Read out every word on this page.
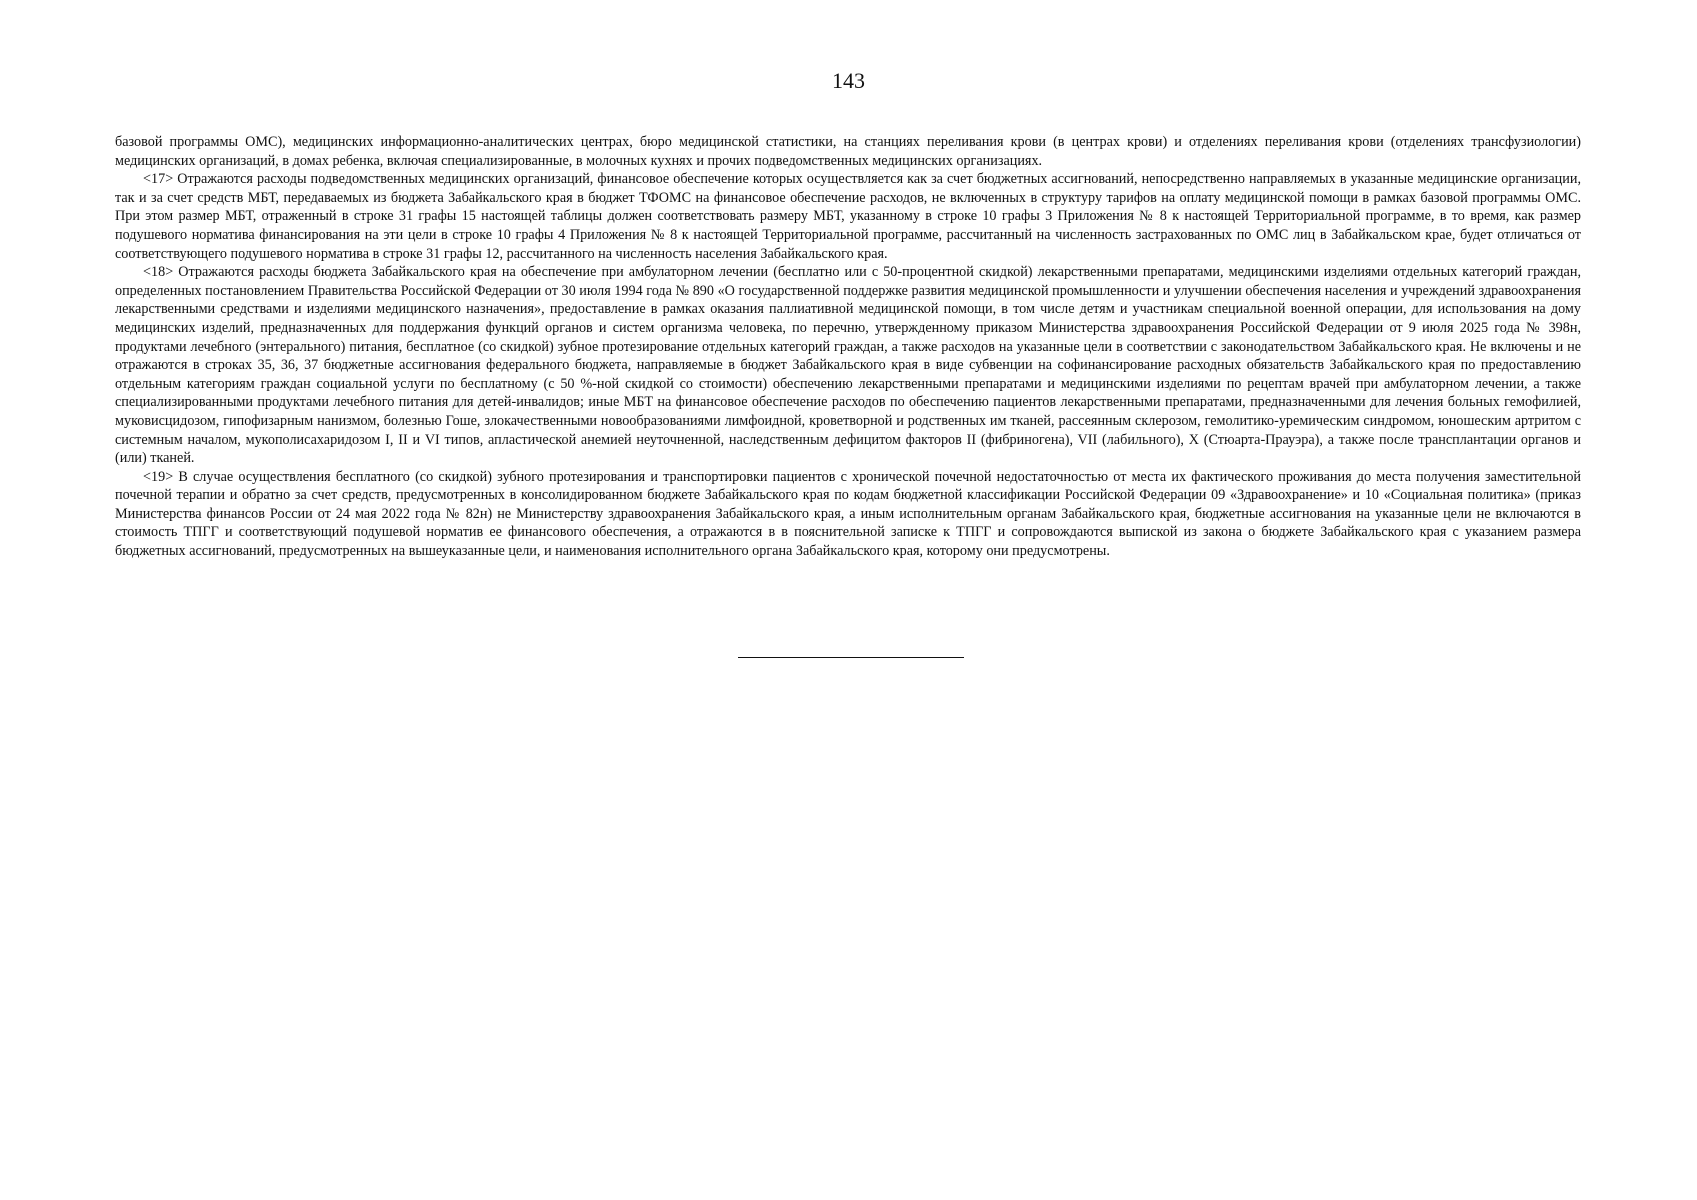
143

базовой программы ОМС), медицинских информационно-аналитических центрах, бюро медицинской статистики, на станциях переливания крови (в центрах крови) и отделениях переливания крови (отделениях трансфузиологии) медицинских организаций, в домах ребенка, включая специализированные, в молочных кухнях и прочих подведомственных медицинских организациях.

<17> Отражаются расходы подведомственных медицинских организаций, финансовое обеспечение которых осуществляется как за счет бюджетных ассигнований, непосредственно направляемых в указанные медицинские организации, так и за счет средств МБТ, передаваемых из бюджета Забайкальского края в бюджет ТФОМС на финансовое обеспечение расходов, не включенных в структуру тарифов на оплату медицинской помощи в рамках базовой программы ОМС. При этом размер МБТ, отраженный в строке 31 графы 15 настоящей таблицы должен соответствовать размеру МБТ, указанному в строке 10 графы 3 Приложения № 8 к настоящей Территориальной программе, в то время, как размер подушевого норматива финансирования на эти цели в строке 10 графы 4 Приложения № 8 к настоящей Территориальной программе, рассчитанный на численность застрахованных по ОМС лиц в Забайкальском крае, будет отличаться от соответствующего подушевого норматива в строке 31 графы 12, рассчитанного на численность населения Забайкальского края.

<18> Отражаются расходы бюджета Забайкальского края на обеспечение при амбулаторном лечении (бесплатно или с 50-процентной скидкой) лекарственными препаратами, медицинскими изделиями отдельных категорий граждан, определенных постановлением Правительства Российской Федерации от 30 июля 1994 года № 890 «О государственной поддержке развития медицинской промышленности и улучшении обеспечения населения и учреждений здравоохранения лекарственными средствами и изделиями медицинского назначения», предоставление в рамках оказания паллиативной медицинской помощи, в том числе детям и участникам специальной военной операции, для использования на дому медицинских изделий, предназначенных для поддержания функций органов и систем организма человека, по перечню, утвержденному приказом Министерства здравоохранения Российской Федерации от 9 июля 2025 года № 398н, продуктами лечебного (энтерального) питания, бесплатное (со скидкой) зубное протезирование отдельных категорий граждан, а также расходов на указанные цели в соответствии с законодательством Забайкальского края. Не включены и не отражаются в строках 35, 36, 37 бюджетные ассигнования федерального бюджета, направляемые в бюджет Забайкальского края в виде субвенции на софинансирование расходных обязательств Забайкальского края по предоставлению отдельным категориям граждан социальной услуги по бесплатному (с 50 %-ной скидкой со стоимости) обеспечению лекарственными препаратами и медицинскими изделиями по рецептам врачей при амбулаторном лечении, а также специализированными продуктами лечебного питания для детей-инвалидов; иные МБТ на финансовое обеспечение расходов по обеспечению пациентов лекарственными препаратами, предназначенными для лечения больных гемофилией, муковисцидозом, гипофизарным нанизмом, болезнью Гоше, злокачественными новообразованиями лимфоидной, кроветворной и родственных им тканей, рассеянным склерозом, гемолитико-уремическим синдромом, юношеским артритом с системным началом, мукополисахаридозом I, II и VI типов, апластической анемией неуточненной, наследственным дефицитом факторов II (фибриногена), VII (лабильного), X (Стюарта-Прауэра), а также после трансплантации органов и (или) тканей.

<19> В случае осуществления бесплатного (со скидкой) зубного протезирования и транспортировки пациентов с хронической почечной недостаточностью от места их фактического проживания до места получения заместительной почечной терапии и обратно за счет средств, предусмотренных в консолидированном бюджете Забайкальского края по кодам бюджетной классификации Российской Федерации 09 «Здравоохранение» и 10 «Социальная политика» (приказ Министерства финансов России от 24 мая 2022 года № 82н) не Министерству здравоохранения Забайкальского края, а иным исполнительным органам Забайкальского края, бюджетные ассигнования на указанные цели не включаются в стоимость ТПГГ и соответствующий подушевой норматив ее финансового обеспечения, а отражаются в в пояснительной записке к ТПГГ и сопровождаются выпиской из закона о бюджете Забайкальского края с указанием размера бюджетных ассигнований, предусмотренных на вышеуказанные цели, и наименования исполнительного органа Забайкальского края, которому они предусмотрены.
